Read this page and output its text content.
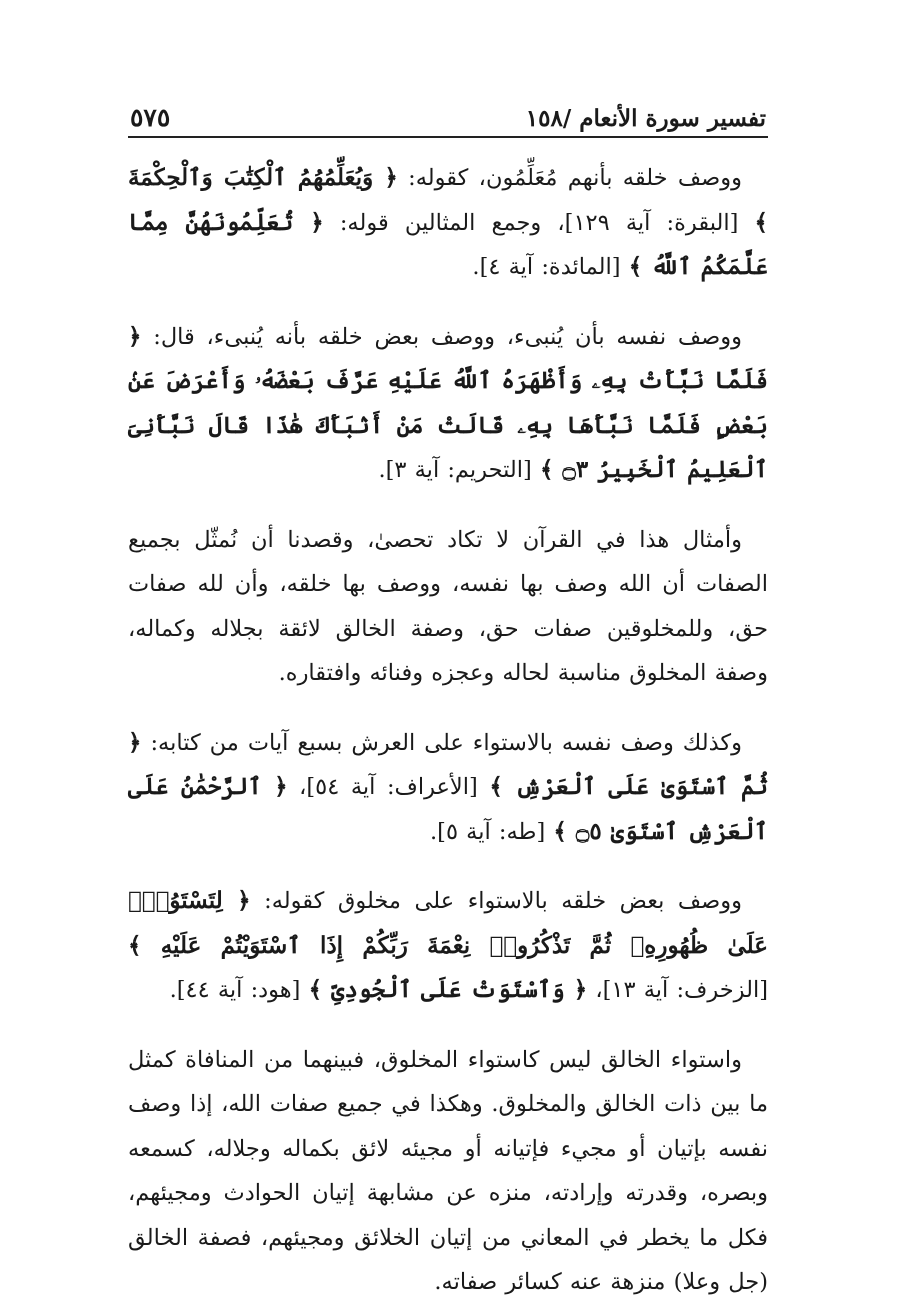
تفسير سورة الأنعام /١٥٨
٥٧٥

ووصف خلقه بأنهم مُعَلِّمُون، كقوله: ﴿ وَيُعَلِّمُهُمُ ٱلْكِتَٰبَ وَٱلْحِكْمَةَ ﴾ [البقرة: آية ١٢٩]، وجمع المثالين قوله: ﴿ تُعَلِّمُونَهُنَّ مِمَّا عَلَّمَكُمُ ٱللَّهُ ﴾ [المائدة: آية ٤].

ووصف نفسه بأن يُنبىء، ووصف بعض خلقه بأنه يُنبىء، قال: ﴿ فَلَمَّا نَبَّأَتْ بِهِۦ وَأَظْهَرَهُ ٱللَّهُ عَلَيْهِ عَرَّفَ بَعْضَهُۥ وَأَعْرَضَ عَنۢ بَعْضٍ فَلَمَّا نَبَّأَهَا بِهِۦ قَالَتْ مَنْ أَنۢبَأَكَ هَٰذَا قَالَ نَبَّأَنِىَ ٱلْعَلِيمُ ٱلْخَبِيرُ ۝٣ ﴾ [التحريم: آية ٣].

وأمثال هذا في القرآن لا تكاد تحصىٰ، وقصدنا أن نُمثّل بجميع الصفات أن الله وصف بها نفسه، ووصف بها خلقه، وأن لله صفات حق، وللمخلوقين صفات حق، وصفة الخالق لائقة بجلاله وكماله، وصفة المخلوق مناسبة لحاله وعجزه وفنائه وافتقاره.

وكذلك وصف نفسه بالاستواء على العرش بسبع آيات من كتابه: ﴿ ثُمَّ ٱسْتَوَىٰ عَلَى ٱلْعَرْشِ ﴾ [الأعراف: آية ٥٤]، ﴿ ٱلرَّحْمَٰنُ عَلَى ٱلْعَرْشِ ٱسْتَوَىٰ ۝٥ ﴾ [طه: آية ٥].

ووصف بعض خلقه بالاستواء على مخلوق كقوله: ﴿ لِتَسْتَوُۥا۟ عَلَىٰ ظُهُورِهِۦ ثُمَّ تَذْكُرُوا۟ نِعْمَةَ رَبِّكُمْ إِذَا ٱسْتَوَيْتُمْ عَلَيْهِ ﴾ [الزخرف: آية ١٣]، ﴿ وَٱسْتَوَتْ عَلَى ٱلْجُودِىِّ ﴾ [هود: آية ٤٤].

واستواء الخالق ليس كاستواء المخلوق، فبينهما من المنافاة كمثل ما بين ذات الخالق والمخلوق. وهكذا في جميع صفات الله، إذا وصف نفسه بإتيان أو مجيء فإتيانه أو مجيئه لائق بكماله وجلاله، كسمعه وبصره، وقدرته وإرادته، منزه عن مشابهة إتيان الحوادث ومجيئهم، فكل ما يخطر في المعاني من إتيان الخلائق ومجيئهم، فصفة الخالق (جل وعلا) منزهة عنه كسائر صفاته.
